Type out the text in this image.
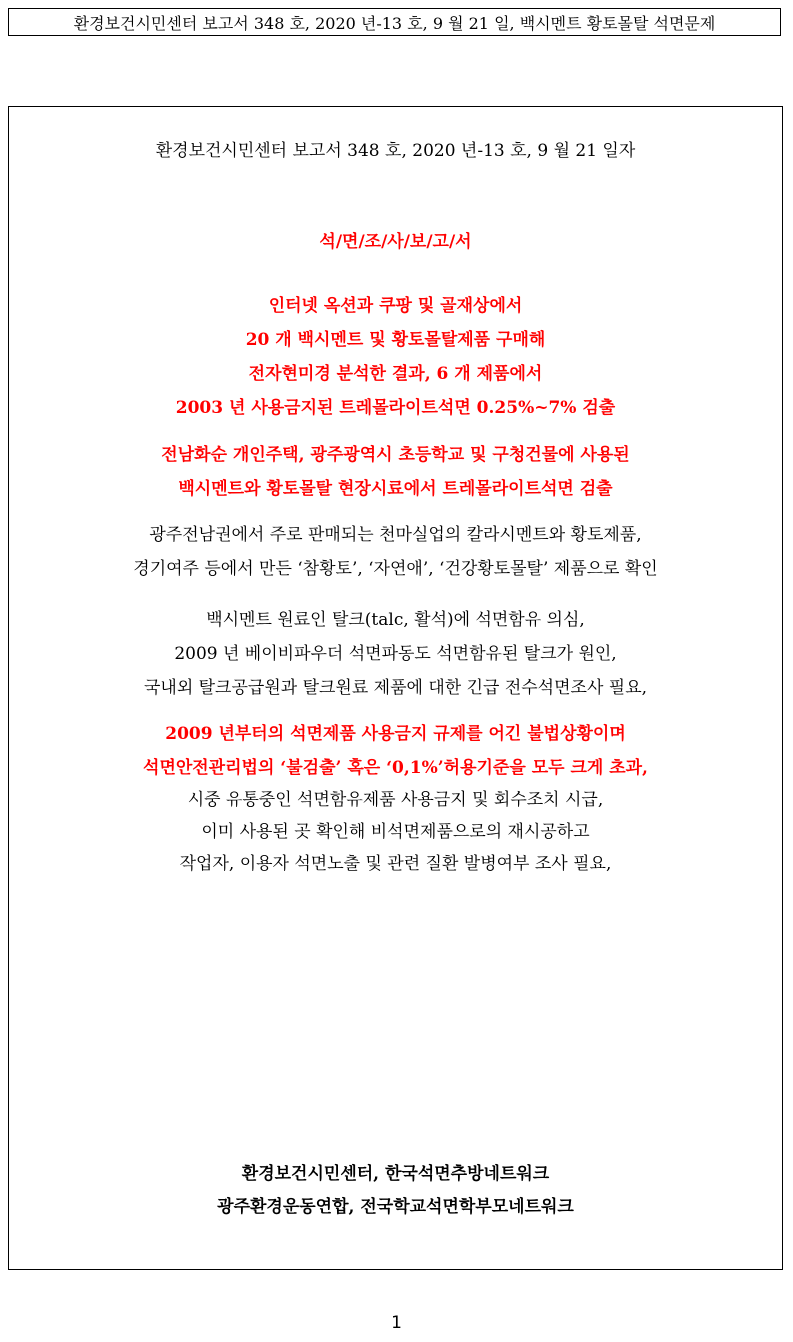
환경보건시민센터 보고서 348 호, 2020 년-13 호, 9 월 21 일, 백시멘트 황토몰탈 석면문제
환경보건시민센터 보고서 348 호, 2020 년-13 호, 9 월 21 일자
석/면/조/사/보/고/서
인터넷 옥션과 쿠팡 및 골재상에서
20 개 백시멘트 및 황토몰탈제품 구매해
전자현미경 분석한 결과, 6 개 제품에서
2003 년 사용금지된 트레몰라이트석면 0.25%~7% 검출
전남화순 개인주택, 광주광역시 초등학교 및 구청건물에 사용된
백시멘트와 황토몰탈 현장시료에서 트레몰라이트석면 검출
광주전남권에서 주로 판매되는 천마실업의 칼라시멘트와 황토제품,
경기여주 등에서 만든 ‘참황토’, ‘자연애’, ‘건강황토몰탈’ 제품으로 확인
백시멘트 원료인 탈크(talc, 활석)에 석면함유 의심,
2009 년 베이비파우더 석면파동도 석면함유된 탈크가 원인,
국내외 탈크공급원과 탈크원료 제품에 대한 긴급 전수석면조사 필요,
2009 년부터의 석면제품 사용금지 규제를 어긴 불법상황이며
석면안전관리법의 ‘불검출’ 혹은 ‘0,1%’허용기준을 모두 크게 초과,
시중 유통중인 석면함유제품 사용금지 및 회수조치 시급,
이미 사용된 곳 확인해 비석면제품으로의 재시공하고
작업자, 이용자 석면노출 및 관련 질환 발병여부 조사 필요,
환경보건시민센터, 한국석면추방네트워크
광주환경운동연합, 전국학교석면학부모네트워크
1
